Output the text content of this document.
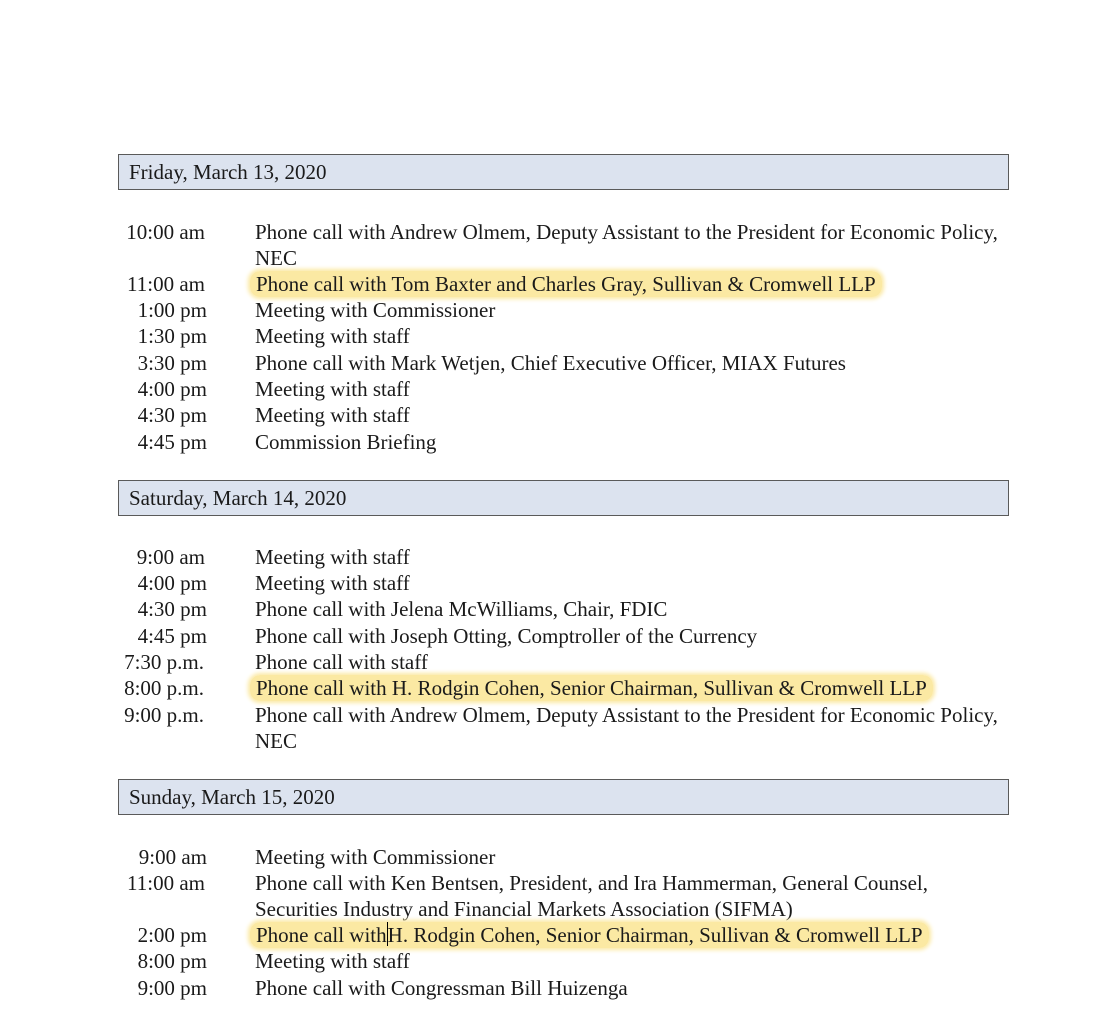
Friday, March 13, 2020
10:00 am Phone call with Andrew Olmem, Deputy Assistant to the President for Economic Policy, NEC
11:00 am Phone call with Tom Baxter and Charles Gray, Sullivan & Cromwell LLP
1:00 pm Meeting with Commissioner
1:30 pm Meeting with staff
3:30 pm Phone call with Mark Wetjen, Chief Executive Officer, MIAX Futures
4:00 pm Meeting with staff
4:30 pm Meeting with staff
4:45 pm Commission Briefing
Saturday, March 14, 2020
9:00 am Meeting with staff
4:00 pm Meeting with staff
4:30 pm Phone call with Jelena McWilliams, Chair, FDIC
4:45 pm Phone call with Joseph Otting, Comptroller of the Currency
7:30 p.m. Phone call with staff
8:00 p.m. Phone call with H. Rodgin Cohen, Senior Chairman, Sullivan & Cromwell LLP
9:00 p.m. Phone call with Andrew Olmem, Deputy Assistant to the President for Economic Policy, NEC
Sunday, March 15, 2020
9:00 am Meeting with Commissioner
11:00 am Phone call with Ken Bentsen, President, and Ira Hammerman, General Counsel, Securities Industry and Financial Markets Association (SIFMA)
2:00 pm Phone call withH. Rodgin Cohen, Senior Chairman, Sullivan & Cromwell LLP
8:00 pm Meeting with staff
9:00 pm Phone call with Congressman Bill Huizenga
